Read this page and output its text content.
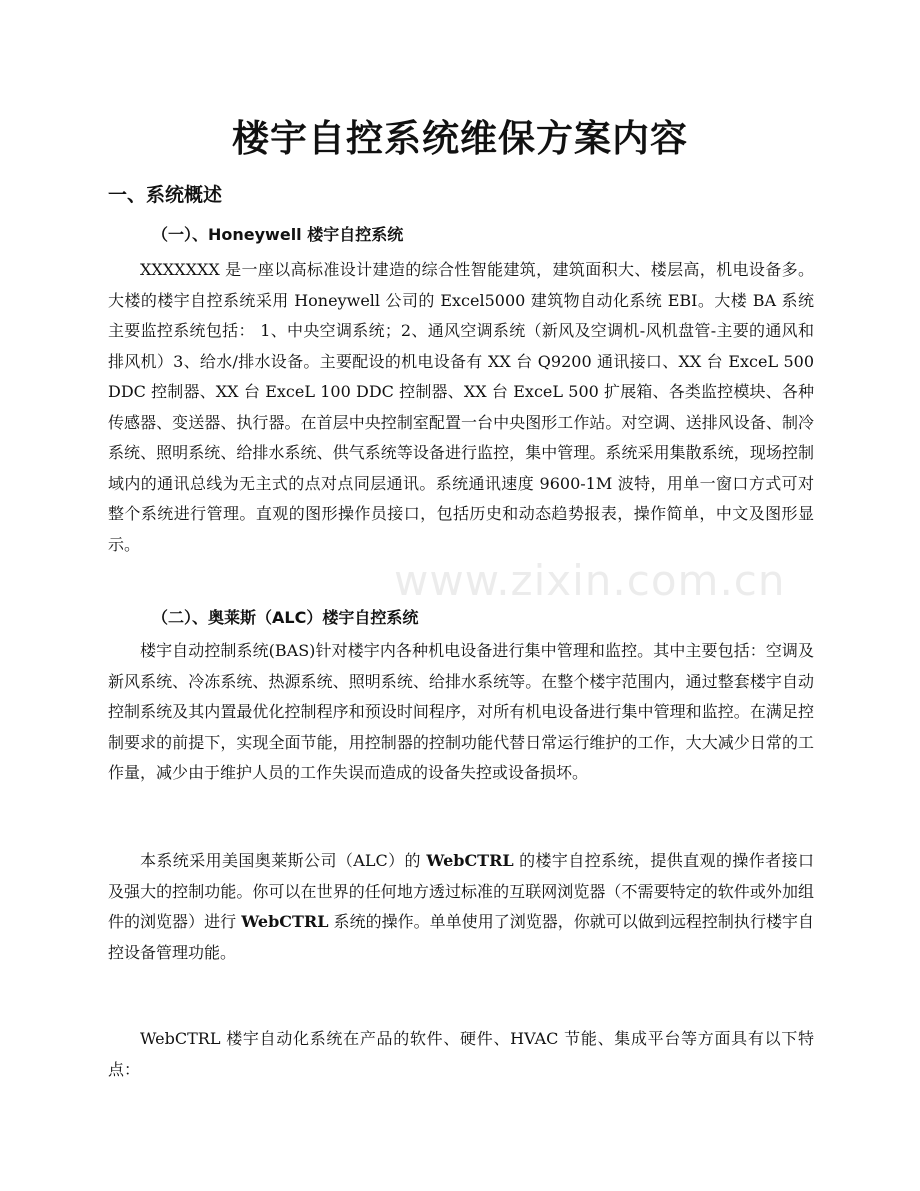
楼宇自控系统维保方案内容
一、系统概述
（一）、Honeywell 楼宇自控系统

XXXXXXX 是一座以高标准设计建造的综合性智能建筑，建筑面积大、楼层高，机电设备多。大楼的楼宇自控系统采用 Honeywell 公司的 Excel5000 建筑物自动化系统 EBI。大楼 BA 系统主要监控系统包括： 1、中央空调系统；2、通风空调系统（新风及空调机-风机盘管-主要的通风和排风机）3、给水/排水设备。主要配设的机电设备有 XX 台 Q9200 通讯接口、XX 台 ExceL 500 DDC 控制器、XX 台 ExceL 100 DDC 控制器、XX 台 ExceL 500 扩展箱、各类监控模块、各种传感器、变送器、执行器。在首层中央控制室配置一台中央图形工作站。对空调、送排风设备、制冷系统、照明系统、给排水系统、供气系统等设备进行监控，集中管理。系统采用集散系统，现场控制域内的通讯总线为无主式的点对点同层通讯。系统通讯速度 9600-1M 波特，用单一窗口方式可对整个系统进行管理。直观的图形操作员接口，包括历史和动态趋势报表，操作简单，中文及图形显示。

（二）、奥莱斯（ALC）楼宇自控系统

楼宇自动控制系统(BAS)针对楼宇内各种机电设备进行集中管理和监控。其中主要包括：空调及新风系统、冷冻系统、热源系统、照明系统、给排水系统等。在整个楼宇范围内，通过整套楼宇自动控制系统及其内置最优化控制程序和预设时间程序，对所有机电设备进行集中管理和监控。在满足控制要求的前提下，实现全面节能，用控制器的控制功能代替日常运行维护的工作，大大减少日常的工作量，减少由于维护人员的工作失误而造成的设备失控或设备损坏。

本系统采用美国奥莱斯公司（ALC）的 WebCTRL 的楼宇自控系统，提供直观的操作者接口及强大的控制功能。你可以在世界的任何地方透过标准的互联网浏览器（不需要特定的软件或外加组件的浏览器）进行 WebCTRL 系统的操作。单单使用了浏览器，你就可以做到远程控制执行楼宇自控设备管理功能。

WebCTRL 楼宇自动化系统在产品的软件、硬件、HVAC 节能、集成平台等方面具有以下特点：

www.zixin.com.cn
